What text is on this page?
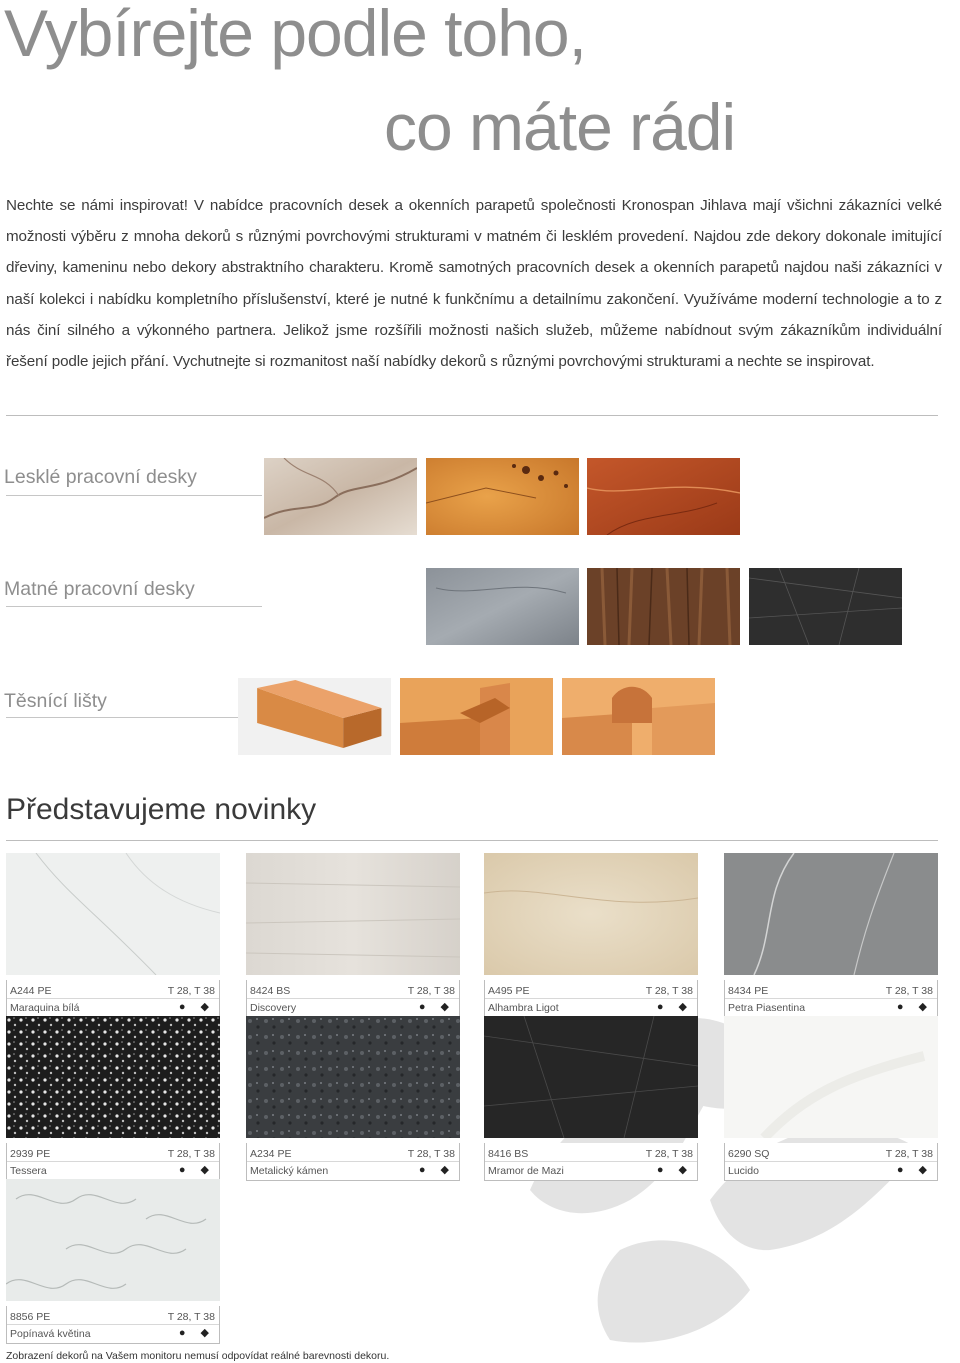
Vybírejte podle toho,
co máte rádi

Nechte se námi inspirovat! V nabídce pracovních desek a okenních parapetů společnosti Kronospan Jihlava mají všichni zákazníci velké možnosti výběru z mnoha dekorů s různými povrchovými strukturami v matném či lesklém provedení. Najdou zde dekory dokonale imitující dřeviny, kameninu nebo dekory abstraktního charakteru. Kromě samotných pracovních desek a okenních parapetů najdou naši zákazníci v naší kolekci i nabídku kompletního příslušenství, které je nutné k funkčnímu a detailnímu zakončení. Využíváme moderní technologie a to z nás činí silného a výkonného partnera. Jelikož jsme rozšířili možnosti našich služeb, můžeme nabídnout svým zákazníkům individuální řešení podle jejich přání. Vychutnejte si rozmanitost naší nabídky dekorů s různými povrchovými strukturami a nechte se inspirovat.

Lesklé pracovní desky
Matné pracovní desky
Těsnící lišty
Představujeme novinky
A244 PE	T 28, T 38
Maraquina bílá	● ◆
8424 BS	T 28, T 38
Discovery	● ◆
A495 PE	T 28, T 38
Alhambra Ligot	● ◆
8434 PE	T 28, T 38
Petra Piasentina	● ◆
2939 PE	T 28, T 38
Tessera	● ◆
A234 PE	T 28, T 38
Metalický kámen	● ◆
8416 BS	T 28, T 38
Mramor de Mazi	● ◆
6290 SQ	T 28, T 38
Lucido	● ◆
8856 PE	T 28, T 38
Popínavá květina	● ◆
Zobrazení dekorů na Vašem monitoru nemusí odpovídat reálné barevnosti dekoru.
